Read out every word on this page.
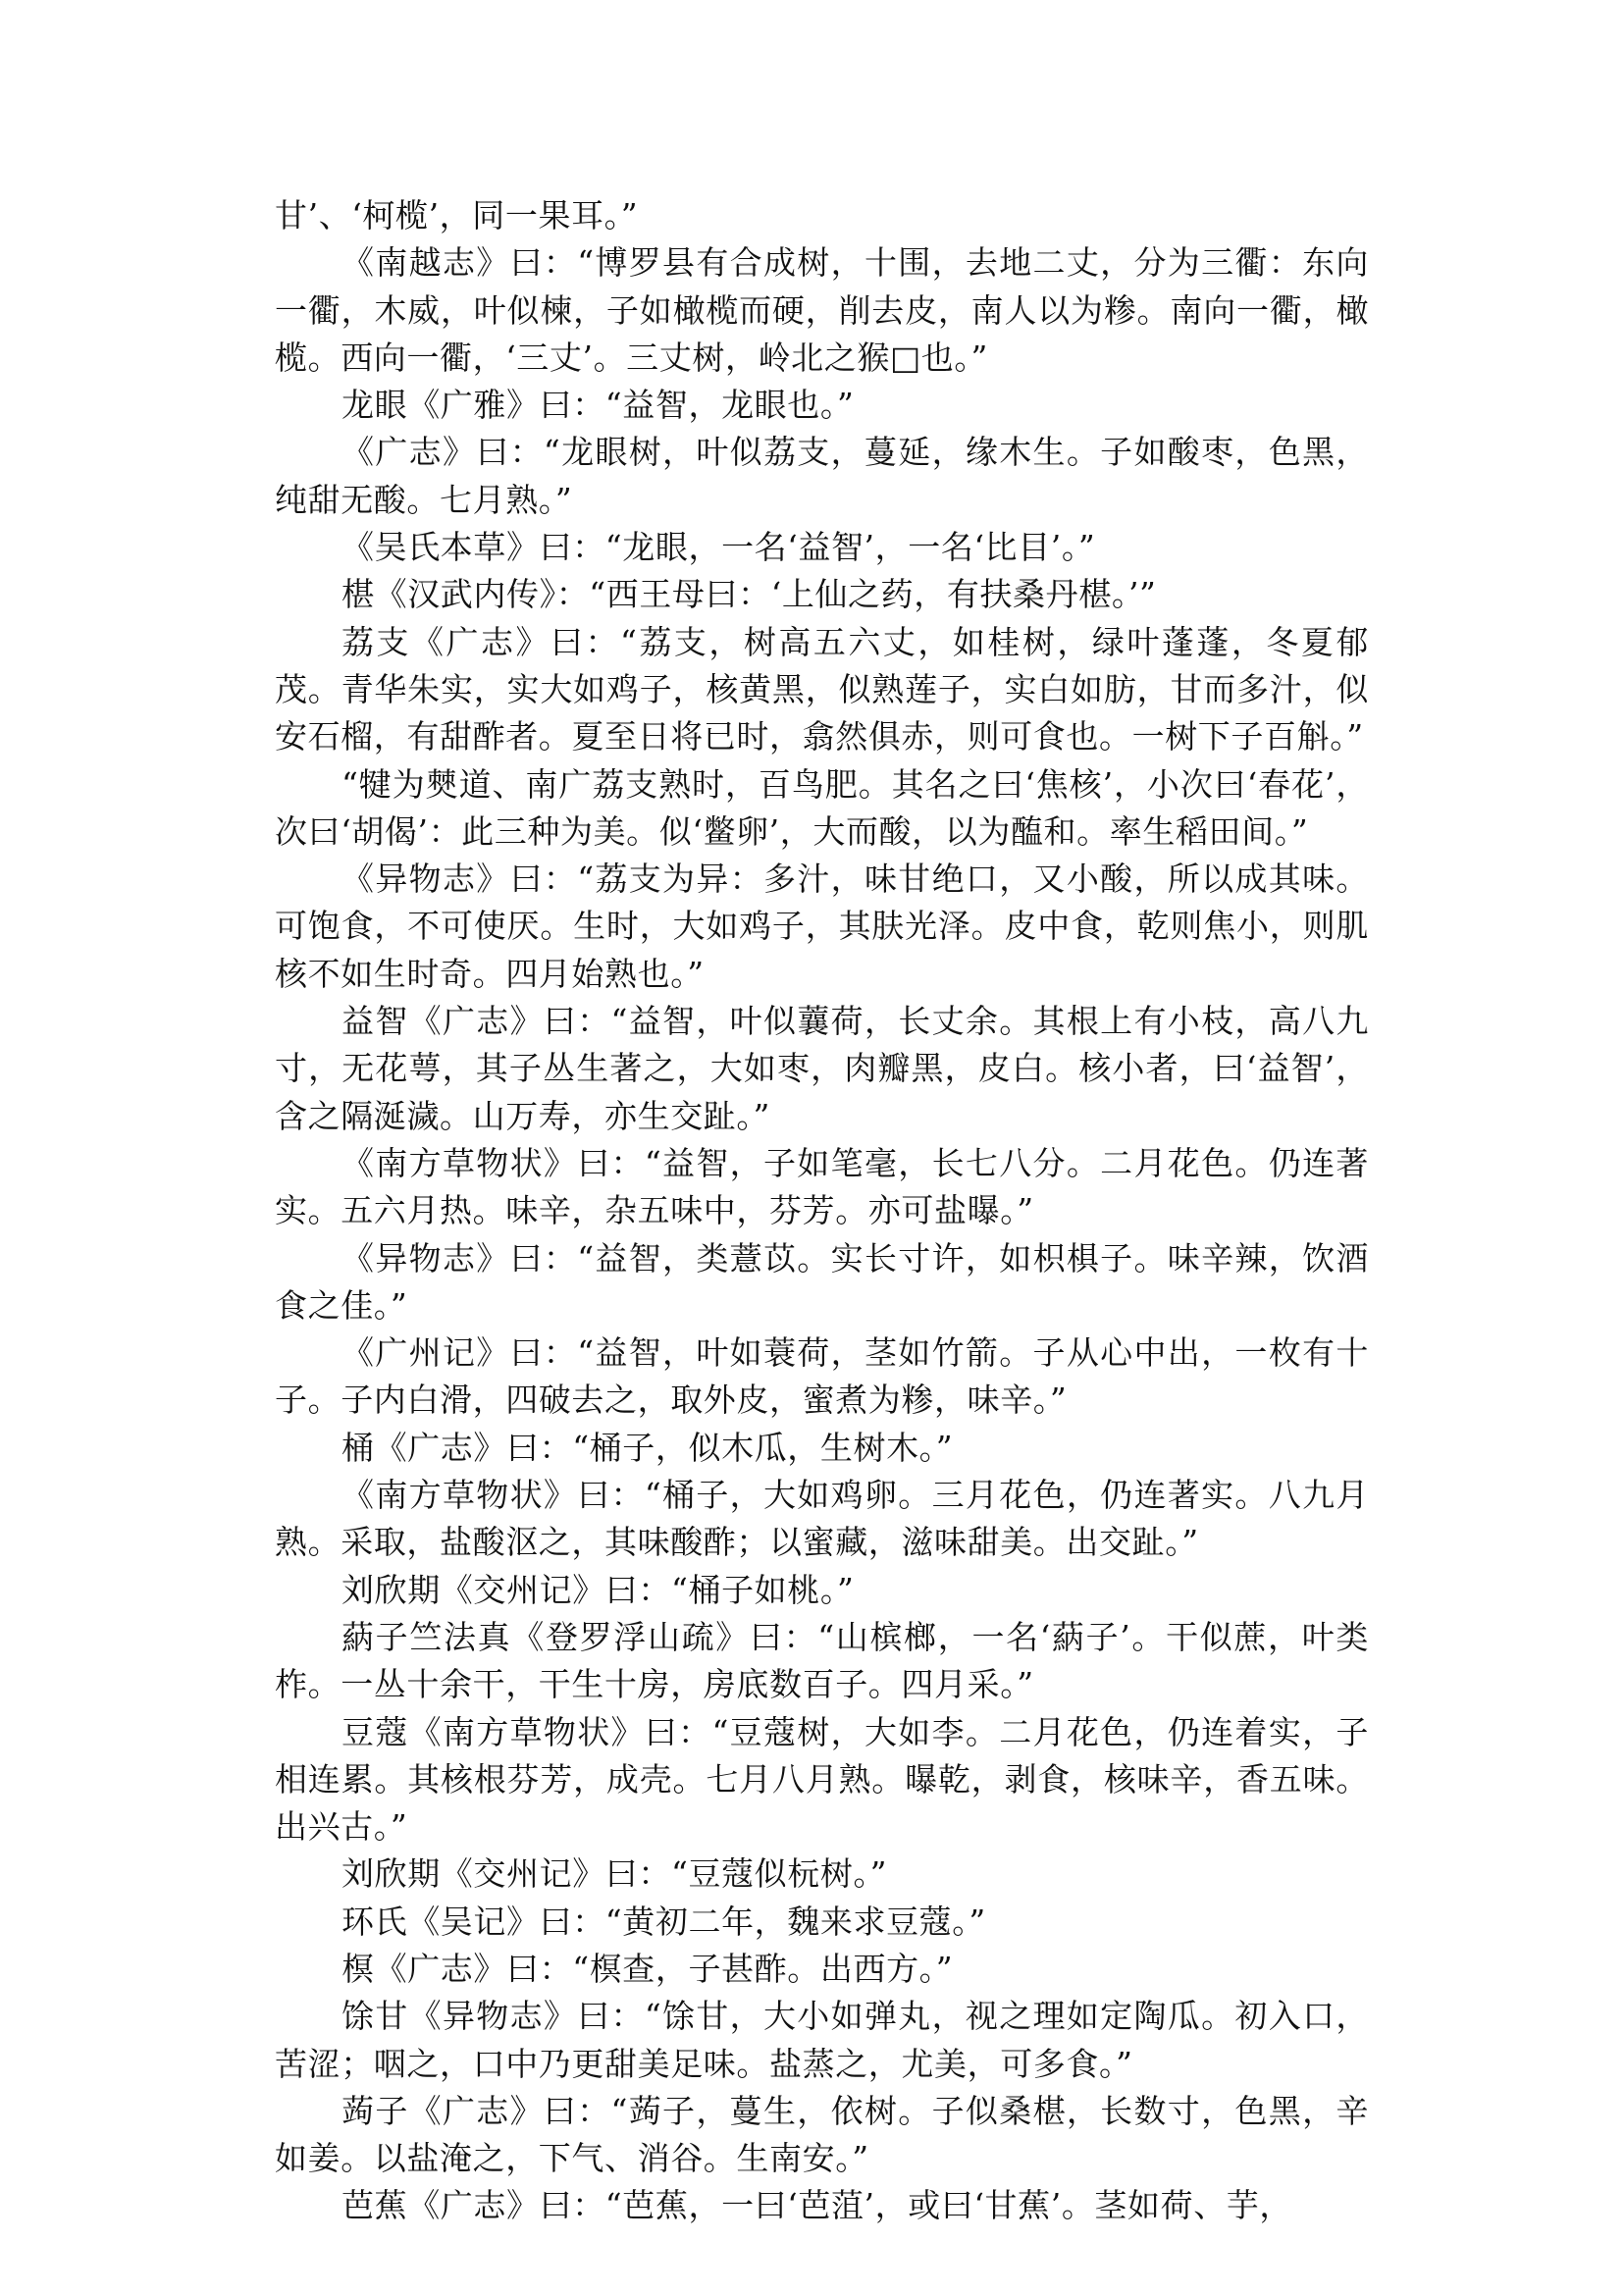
甘’、‘柯榄’，同一果耳。”

《南越志》曰：“博罗县有合成树，十围，去地二丈，分为三衢：东向一衢，木威，叶似楝，子如橄榄而硬，削去皮，南人以为糁。南向一衢，橄榄。西向一衢，‘三丈’。三丈树，岭北之猴□也。”

龙眼《广雅》曰：“益智，龙眼也。”

《广志》曰：“龙眼树，叶似荔支，蔓延，缘木生。子如酸枣，色黑，纯甜无酸。七月熟。”

《吴氏本草》曰：“龙眼，一名‘益智’，一名‘比目’。”

椹《汉武内传》：“西王母曰：‘上仙之药，有扶桑丹椹。’”

荔支《广志》曰：“荔支，树高五六丈，如桂树，绿叶蓬蓬，冬夏郁茂。青华朱实，实大如鸡子，核黄黑，似熟莲子，实白如肪，甘而多汁，似安石榴，有甜酢者。夏至日将已时，翕然俱赤，则可食也。一树下子百斛。”

“犍为僰道、南广荔支熟时，百鸟肥。其名之曰‘焦核’，小次曰‘春花’，次曰‘胡偈’：此三种为美。似‘鳖卵’，大而酸，以为醢和。率生稻田间。”

《异物志》曰：“荔支为异：多汁，味甘绝口，又小酸，所以成其味。可饱食，不可使厌。生时，大如鸡子，其肤光泽。皮中食，乾则焦小，则肌核不如生时奇。四月始熟也。”

益智《广志》曰：“益智，叶似蘘荷，长丈余。其根上有小枝，高八九寸，无花萼，其子丛生著之，大如枣，肉瓣黑，皮白。核小者，曰‘益智’，含之隔涎濊。山万寿，亦生交趾。”

《南方草物状》曰：“益智，子如笔毫，长七八分。二月花色。仍连著实。五六月热。味辛，杂五味中，芬芳。亦可盐曝。”

《异物志》曰：“益智，类薏苡。实长寸许，如枳椇子。味辛辣，饮酒食之佳。”

《广州记》曰：“益智，叶如蓑荷，茎如竹箭。子从心中出，一枚有十子。子内白滑，四破去之，取外皮，蜜煮为糁，味辛。”

桶《广志》曰：“桶子，似木瓜，生树木。”

《南方草物状》曰：“桶子，大如鸡卵。三月花色，仍连著实。八九月熟。采取，盐酸沤之，其味酸酢；以蜜藏，滋味甜美。出交趾。”

刘欣期《交州记》曰：“桶子如桃。”

蒳子竺法真《登罗浮山疏》曰：“山槟榔，一名‘蒳子’。干似蔗，叶类柞。一丛十余干，干生十房，房底数百子。四月采。”

豆蔻《南方草物状》曰：“豆蔻树，大如李。二月花色，仍连着实，子相连累。其核根芬芳，成壳。七月八月熟。曝乾，剥食，核味辛，香五味。出兴古。”

刘欣期《交州记》曰：“豆蔻似杬树。”

环氏《吴记》曰：“黄初二年，魏来求豆蔻。”

榠《广志》曰：“榠查，子甚酢。出西方。”

馀甘《异物志》曰：“馀甘，大小如弹丸，视之理如定陶瓜。初入口，苦涩；咽之，口中乃更甜美足味。盐蒸之，尤美，可多食。”

蒟子《广志》曰：“蒟子，蔓生，依树。子似桑椹，长数寸，色黑，辛如姜。以盐淹之，下气、消谷。生南安。”

芭蕉《广志》曰：“芭蕉，一曰‘芭菹’，或曰‘甘蕉’。茎如荷、芋，
